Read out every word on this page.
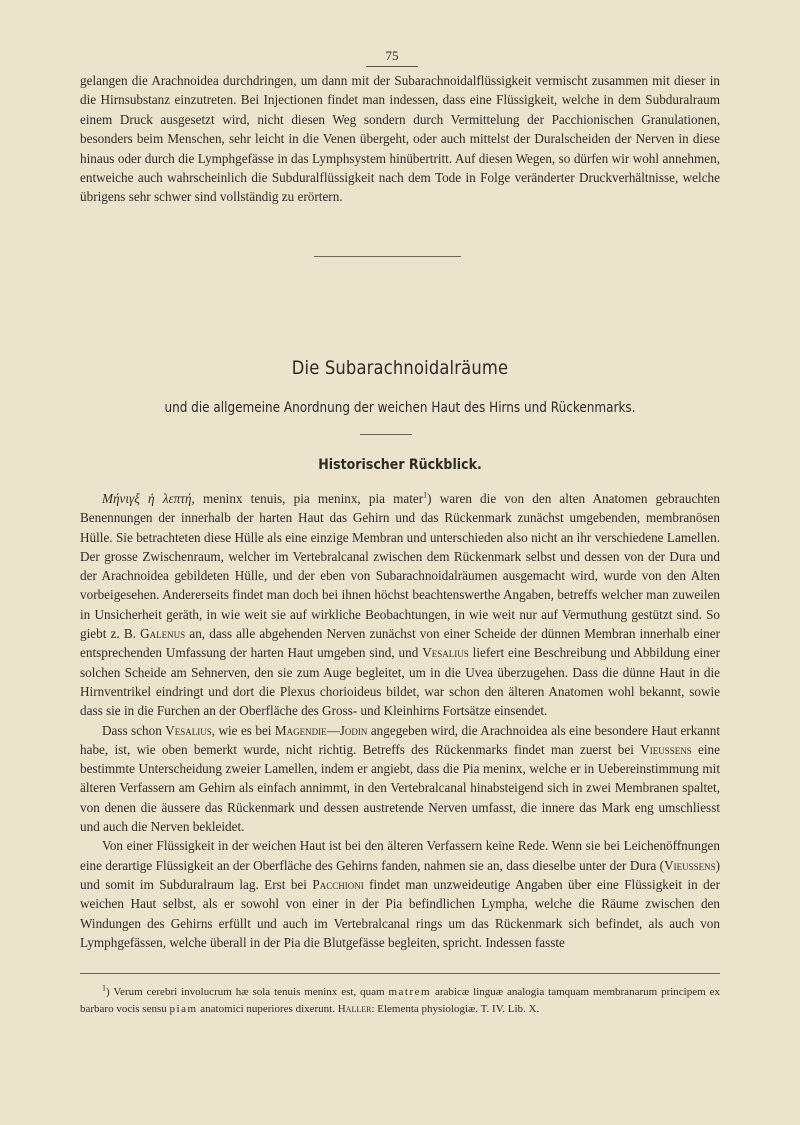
75

gelangen die Arachnoidea durchdringen, um dann mit der Subarachnoidalflüssigkeit vermischt zusammen mit dieser in die Hirnsubstanz einzutreten. Bei Injectionen findet man indessen, dass eine Flüssigkeit, welche in dem Subduralraum einem Druck ausgesetzt wird, nicht diesen Weg sondern durch Vermittelung der Pacchionischen Granulationen, besonders beim Menschen, sehr leicht in die Venen übergeht, oder auch mittelst der Duralscheiden der Nerven in diese hinaus oder durch die Lymphgefässe in das Lymphsystem hinübertritt. Auf diesen Wegen, so dürfen wir wohl annehmen, entweiche auch wahrscheinlich die Subduralflüssigkeit nach dem Tode in Folge veränderter Druckverhältnisse, welche übrigens sehr schwer sind vollständig zu erörtern.

Die Subarachnoidalräume
und die allgemeine Anordnung der weichen Haut des Hirns und Rückenmarks.
Historischer Rückblick.

Μήνιγξ ἡ λεπτή, meninx tenuis, pia meninx, pia mater$^1$) waren die von den alten Anatomen gebrauchten Benennungen der innerhalb der harten Haut das Gehirn und das Rückenmark zunächst umgebenden, membranösen Hülle. Sie betrachteten diese Hülle als eine einzige Membran und unterschieden also nicht an ihr verschiedene Lamellen. Der grosse Zwischenraum, welcher im Vertebralcanal zwischen dem Rückenmark selbst und dessen von der Dura und der Arachnoidea gebildeten Hülle, und der eben von Subarachnoidalräumen ausgemacht wird, wurde von den Alten vorbeigesehen. Andererseits findet man doch bei ihnen höchst beachtenswerthe Angaben, betreffs welcher man zuweilen in Unsicherheit geräth, in wie weit sie auf wirkliche Beobachtungen, in wie weit nur auf Vermuthung gestützt sind. So giebt z. B. Galenus an, dass alle abgehenden Nerven zunächst von einer Scheide der dünnen Membran innerhalb einer entsprechenden Umfassung der harten Haut umgeben sind, und Vesalius liefert eine Beschreibung und Abbildung einer solchen Scheide am Sehnerven, den sie zum Auge begleitet, um in die Uvea überzugehen. Dass die dünne Haut in die Hirnventrikel eindringt und dort die Plexus chorioideus bildet, war schon den älteren Anatomen wohl bekannt, sowie dass sie in die Furchen an der Oberfläche des Gross- und Kleinhirns Fortsätze einsendet.

Dass schon Vesalius, wie es bei Magendie—Jodin angegeben wird, die Arachnoidea als eine besondere Haut erkannt habe, ist, wie oben bemerkt wurde, nicht richtig. Betreffs des Rückenmarks findet man zuerst bei Vieussens eine bestimmte Unterscheidung zweier Lamellen, indem er angiebt, dass die Pia meninx, welche er in Uebereinstimmung mit älteren Verfassern am Gehirn als einfach annimmt, in den Vertebralcanal hinabsteigend sich in zwei Membranen spaltet, von denen die äussere das Rückenmark und dessen austretende Nerven umfasst, die innere das Mark eng umschliesst und auch die Nerven bekleidet.

Von einer Flüssigkeit in der weichen Haut ist bei den älteren Verfassern keine Rede. Wenn sie bei Leichenöffnungen eine derartige Flüssigkeit an der Oberfläche des Gehirns fanden, nahmen sie an, dass dieselbe unter der Dura (Vieussens) und somit im Subduralraum lag. Erst bei Pacchioni findet man unzweideutige Angaben über eine Flüssigkeit in der weichen Haut selbst, als er sowohl von einer in der Pia befindlichen Lympha, welche die Räume zwischen den Windungen des Gehirns erfüllt und auch im Vertebralcanal rings um das Rückenmark sich befindet, als auch von Lymphgefässen, welche überall in der Pia die Blutgefässe begleiten, spricht. Indessen fasste

$^1$) Verum cerebri involucrum hæ sola tenuis meninx est, quam matrem arabicæ linguæ analogia tamquam membranarum principem ex barbaro vocis sensu piam anatomici nuperiores dixerunt. Haller: Elementa physiologiæ. T. IV. Lib. X.
